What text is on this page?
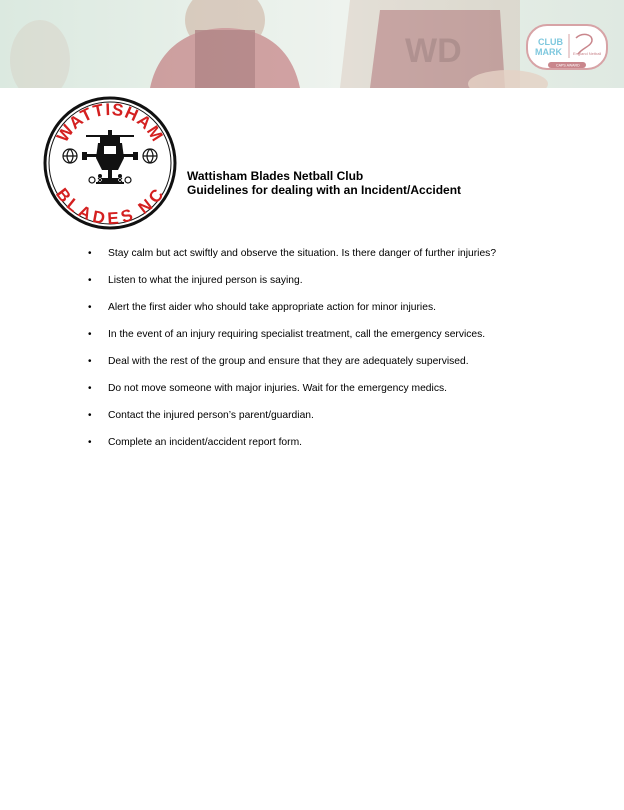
WD	CLUB
MARK	England Netball
CAPS AWARD
WATTISHAM
BLADES NC
Wattisham Blades Netball Club
Guidelines for dealing with an Incident/Accident
• Stay calm but act swiftly and observe the situation. Is there danger of further injuries?
• Listen to what the injured person is saying.
• Alert the first aider who should take appropriate action for minor injuries.
• In the event of an injury requiring specialist treatment, call the emergency services.
• Deal with the rest of the group and ensure that they are adequately supervised.
• Do not move someone with major injuries. Wait for the emergency medics.
• Contact the injured person’s parent/guardian.
• Complete an incident/accident report form.
